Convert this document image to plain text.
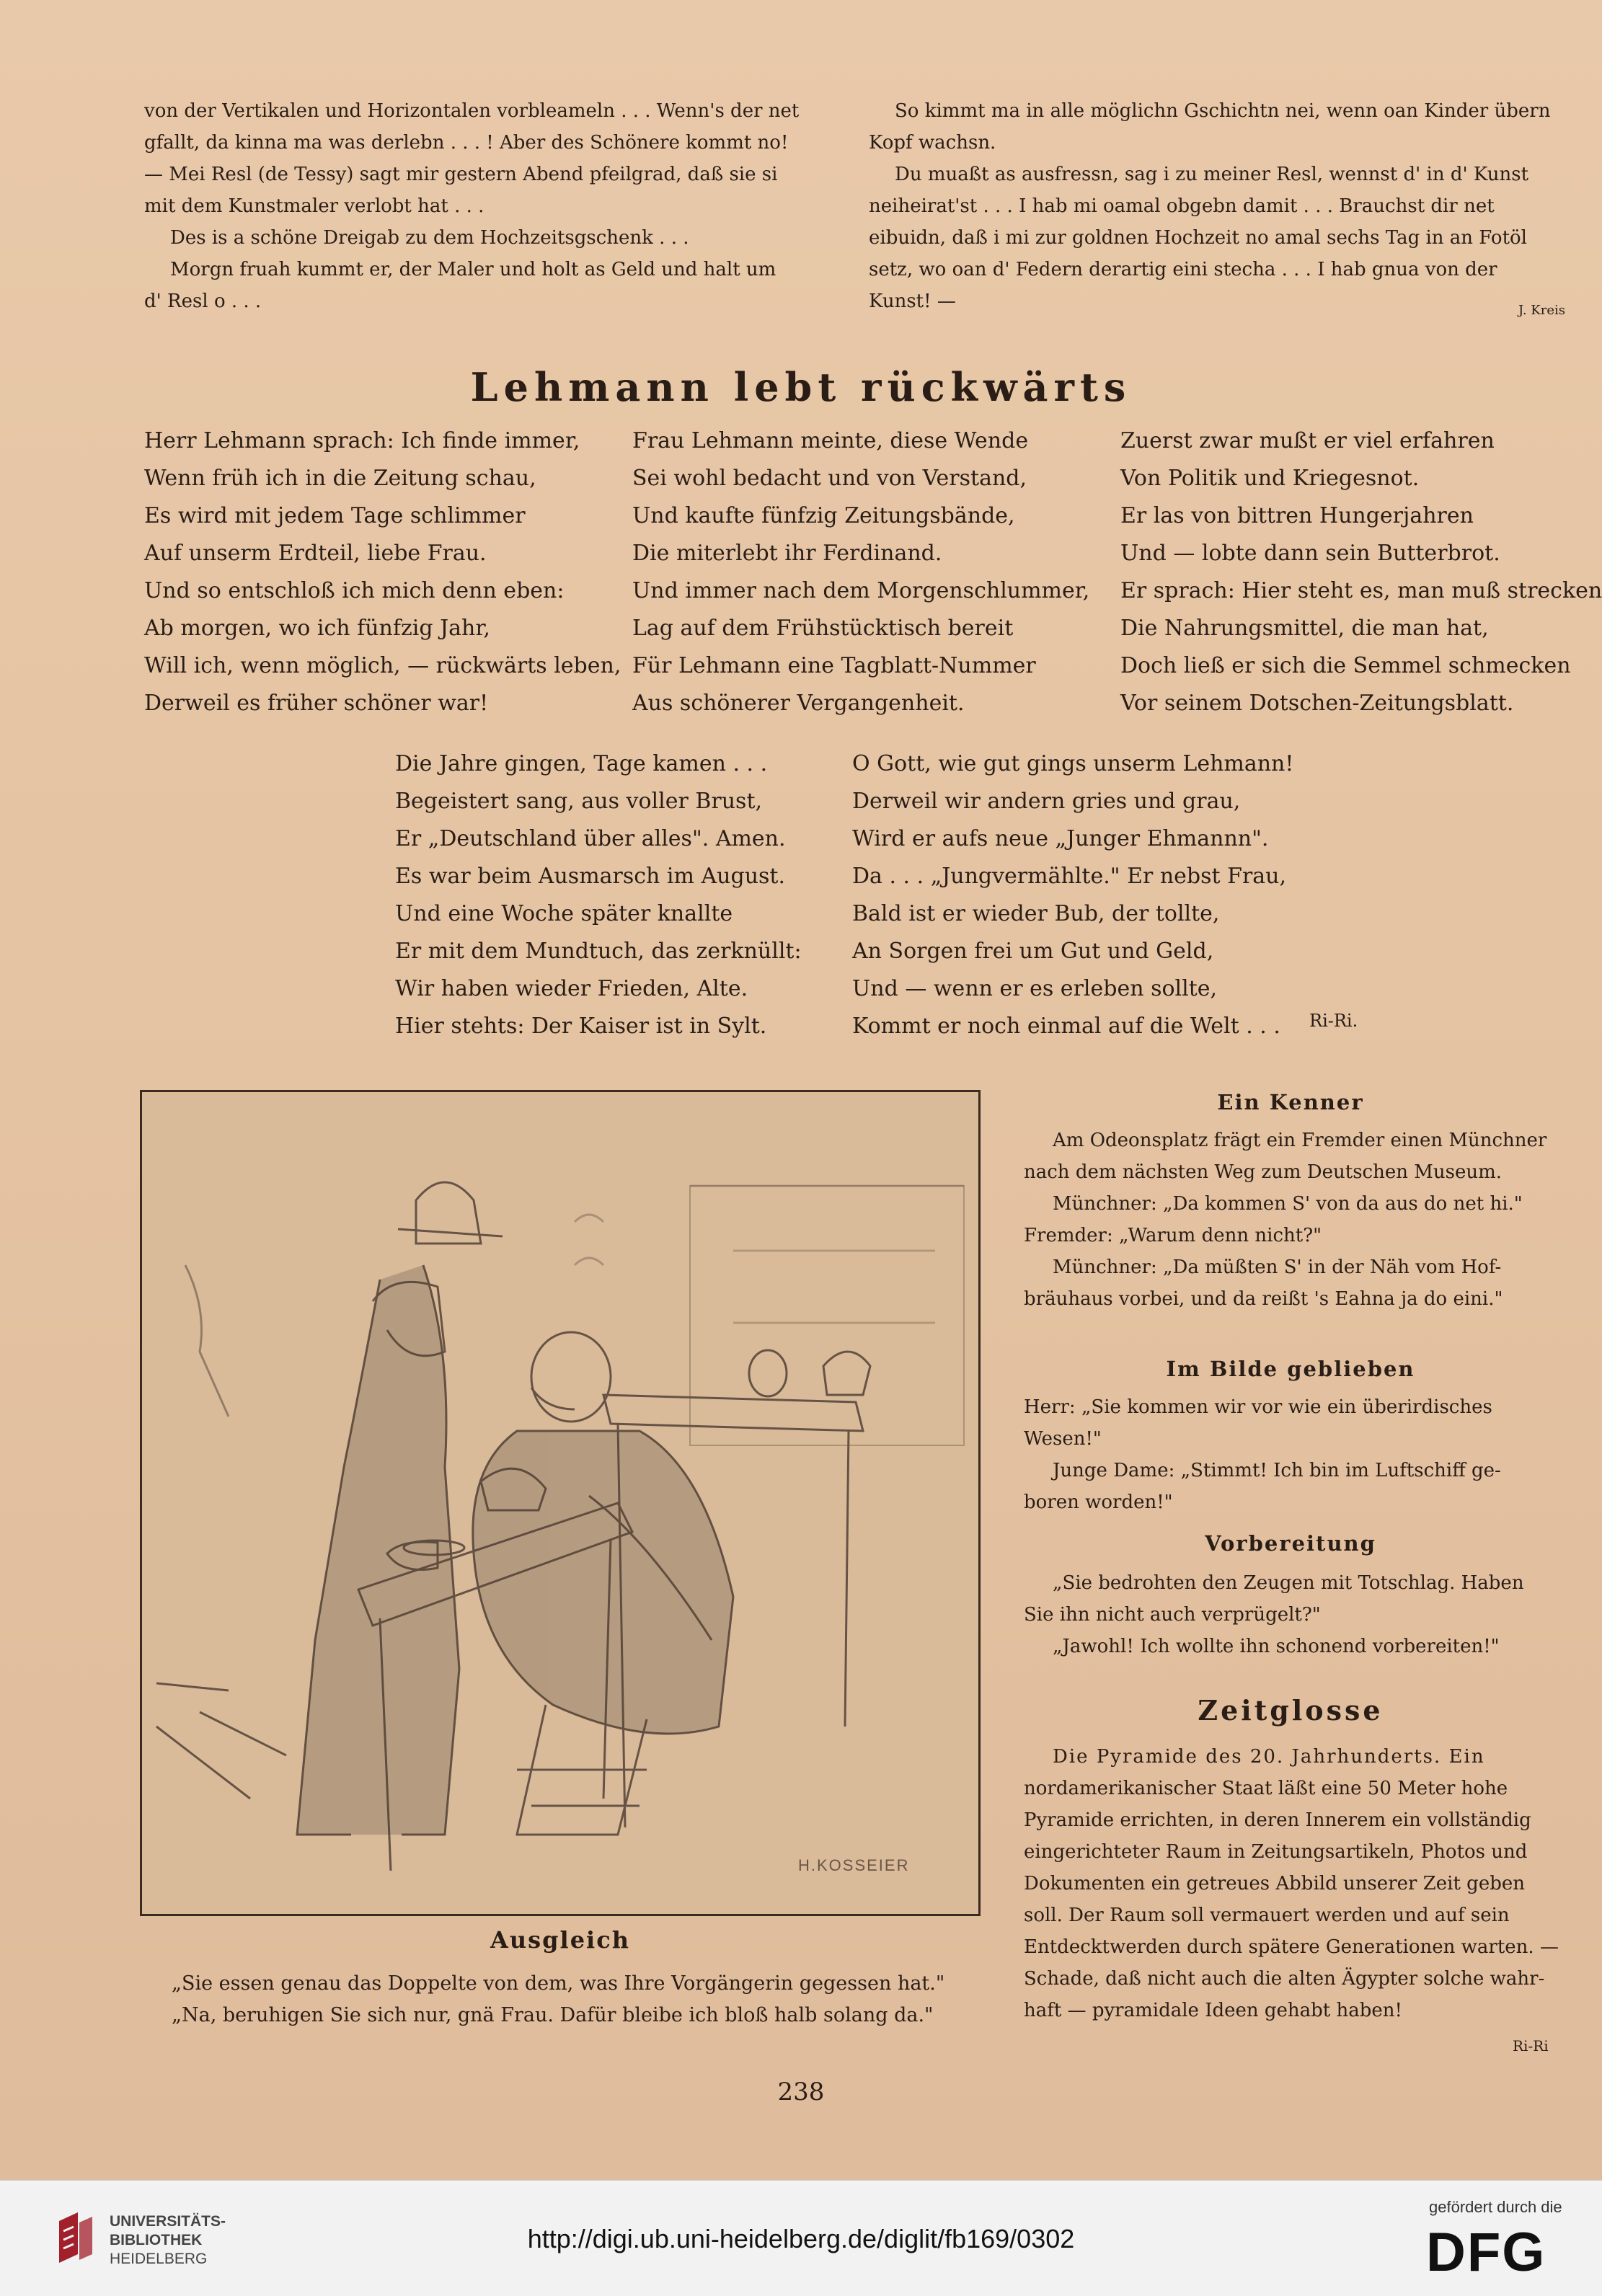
von der Vertikalen und Horizontalen vorbleameln . . . Wenn's der net
gfallt, da kinna ma was derlebn . . . ! Aber des Schönere kommt no!
— Mei Resl (de Tessy) sagt mir gestern Abend pfeilgrad, daß sie si
mit dem Kunstmaler verlobt hat . . .
Des is a schöne Dreigab zu dem Hochzeitsgschenk . . .
Morgn fruah kummt er, der Maler und holt as Geld und halt um
d' Resl o . . .
So kimmt ma in alle möglichn Gschichtn nei, wenn oan Kinder übern
Kopf wachsn.
Du muaßt as ausfressn, sag i zu meiner Resl, wennst d' in d' Kunst
neiheirat'st . . . I hab mi oamal obgebn damit . . . Brauchst dir net
eibuidn, daß i mi zur goldnen Hochzeit no amal sechs Tag in an Fotöl
setz, wo oan d' Federn derartig eini stecha . . . I hab gnua von der
Kunst! —	J. Kreis
Lehmann lebt rückwärts
Herr Lehmann sprach: Ich finde immer,
Wenn früh ich in die Zeitung schau,
Es wird mit jedem Tage schlimmer
Auf unserm Erdteil, liebe Frau.
Und so entschloß ich mich denn eben:
Ab morgen, wo ich fünfzig Jahr,
Will ich, wenn möglich, — rückwärts leben,
Derweil es früher schöner war!
Frau Lehmann meinte, diese Wende
Sei wohl bedacht und von Verstand,
Und kaufte fünfzig Zeitungsbände,
Die miterlebt ihr Ferdinand.
Und immer nach dem Morgenschlummer,
Lag auf dem Frühstücktisch bereit
Für Lehmann eine Tagblatt-Nummer
Aus schönerer Vergangenheit.
Zuerst zwar mußt er viel erfahren
Von Politik und Kriegesnot.
Er las von bittren Hungerjahren
Und — lobte dann sein Butterbrot.
Er sprach: Hier steht es, man muß strecken
Die Nahrungsmittel, die man hat,
Doch ließ er sich die Semmel schmecken
Vor seinem Dotschen-Zeitungsblatt.
Die Jahre gingen, Tage kamen . . .
Begeistert sang, aus voller Brust,
Er „Deutschland über alles". Amen.
Es war beim Ausmarsch im August.
Und eine Woche später knallte
Er mit dem Mundtuch, das zerknüllt:
Wir haben wieder Frieden, Alte.
Hier stehts: Der Kaiser ist in Sylt.
O Gott, wie gut gings unserm Lehmann!
Derweil wir andern gries und grau,
Wird er aufs neue „Junger Ehmannn".
Da . . . „Jungvermählte." Er nebst Frau,
Bald ist er wieder Bub, der tollte,
An Sorgen frei um Gut und Geld,
Und — wenn er es erleben sollte,
Kommt er noch einmal auf die Welt . . .	Ri-Ri.
H.KOSSEIER
Ausgleich
„Sie essen genau das Doppelte von dem, was Ihre Vorgängerin gegessen hat."
„Na, beruhigen Sie sich nur, gnä Frau. Dafür bleibe ich bloß halb solang da."
Ein Kenner
Am Odeonsplatz frägt ein Fremder einen Münchner
nach dem nächsten Weg zum Deutschen Museum.
Münchner: „Da kommen S' von da aus do net hi."
Fremder: „Warum denn nicht?"
Münchner: „Da müßten S' in der Näh vom Hof-
bräuhaus vorbei, und da reißt 's Eahna ja do eini."
Im Bilde geblieben
Herr: „Sie kommen wir vor wie ein überirdisches
Wesen!"
Junge Dame: „Stimmt! Ich bin im Luftschiff ge-
boren worden!"
Vorbereitung
„Sie bedrohten den Zeugen mit Totschlag. Haben
Sie ihn nicht auch verprügelt?"
„Jawohl! Ich wollte ihn schonend vorbereiten!"
Zeitglosse
Die Pyramide des 20. Jahrhunderts. Ein
nordamerikanischer Staat läßt eine 50 Meter hohe
Pyramide errichten, in deren Innerem ein vollständig
eingerichteter Raum in Zeitungsartikeln, Photos und
Dokumenten ein getreues Abbild unserer Zeit geben
soll. Der Raum soll vermauert werden und auf sein
Entdecktwerden durch spätere Generationen warten. —
Schade, daß nicht auch die alten Ägypter solche wahr-
haft — pyramidale Ideen gehabt haben!
Ri-Ri
238
UNIVERSITÄTS-
BIBLIOTHEK
HEIDELBERG
http://digi.ub.uni-heidelberg.de/diglit/fb169/0302
gefördert durch die
DFG
